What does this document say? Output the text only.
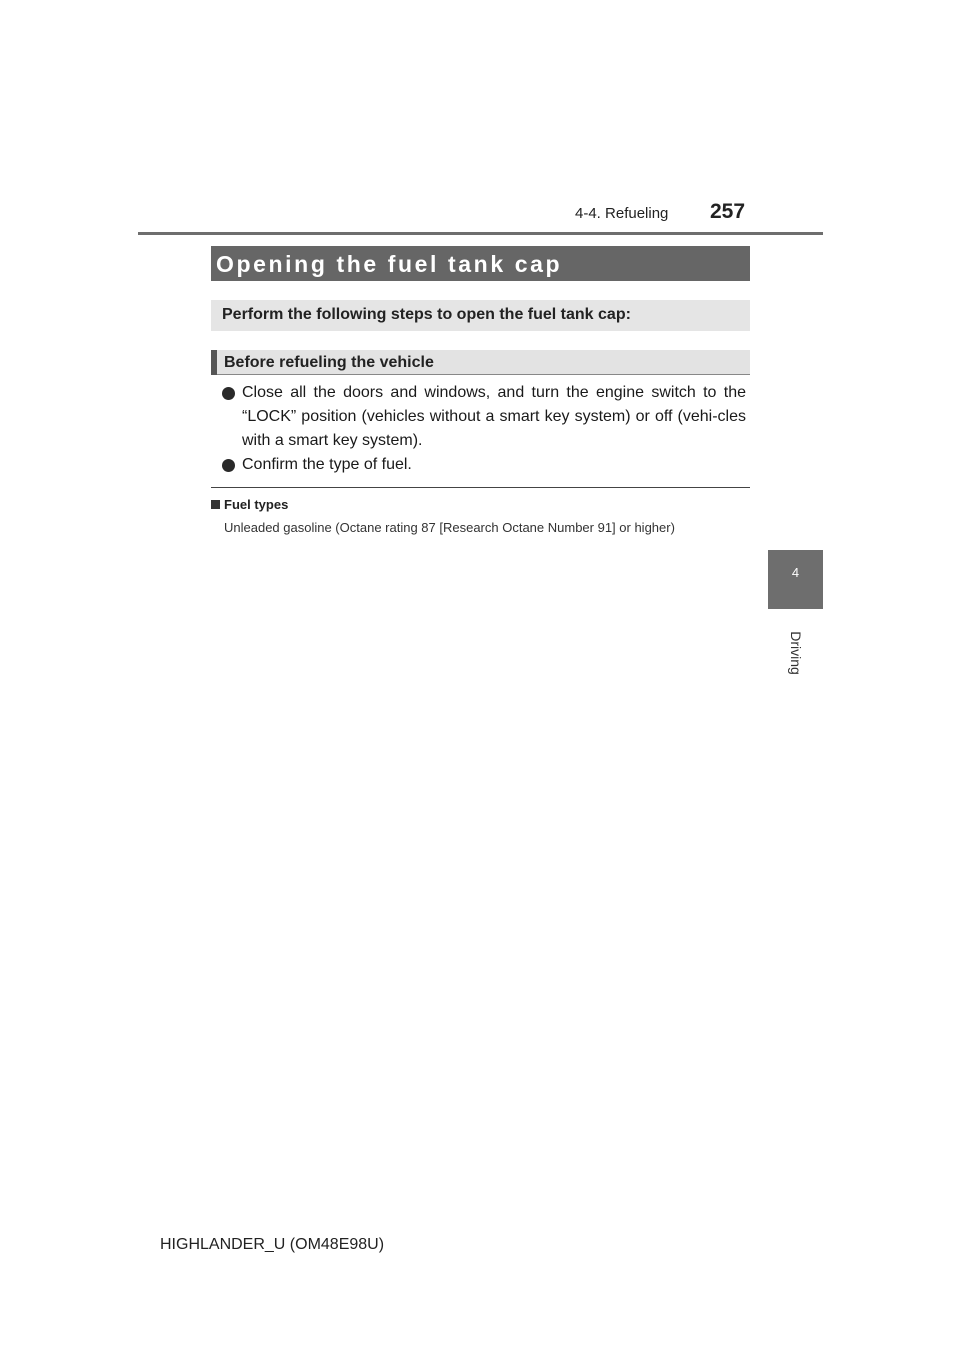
4-4. Refueling 257
4
Driving
Opening the fuel tank cap
Perform the following steps to open the fuel tank cap:
Before refueling the vehicle
Close all the doors and windows, and turn the engine switch to the “LOCK” position (vehicles without a smart key system) or off (vehi-cles with a smart key system).
Confirm the type of fuel.
Fuel types
Unleaded gasoline (Octane rating 87 [Research Octane Number 91] or higher)
HIGHLANDER_U (OM48E98U)
